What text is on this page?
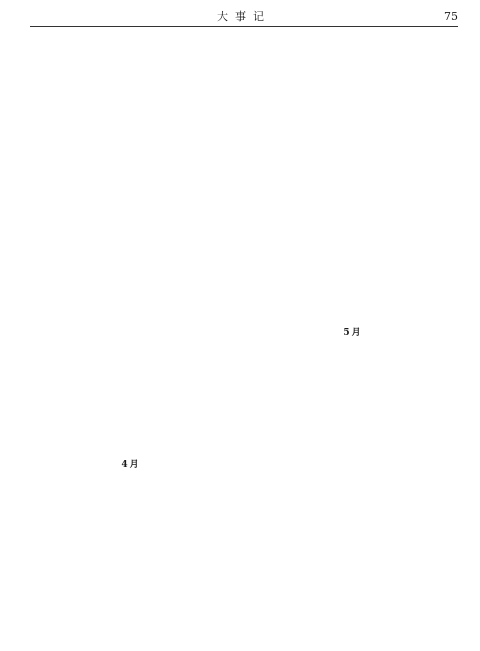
大事记	75
4月
5月
